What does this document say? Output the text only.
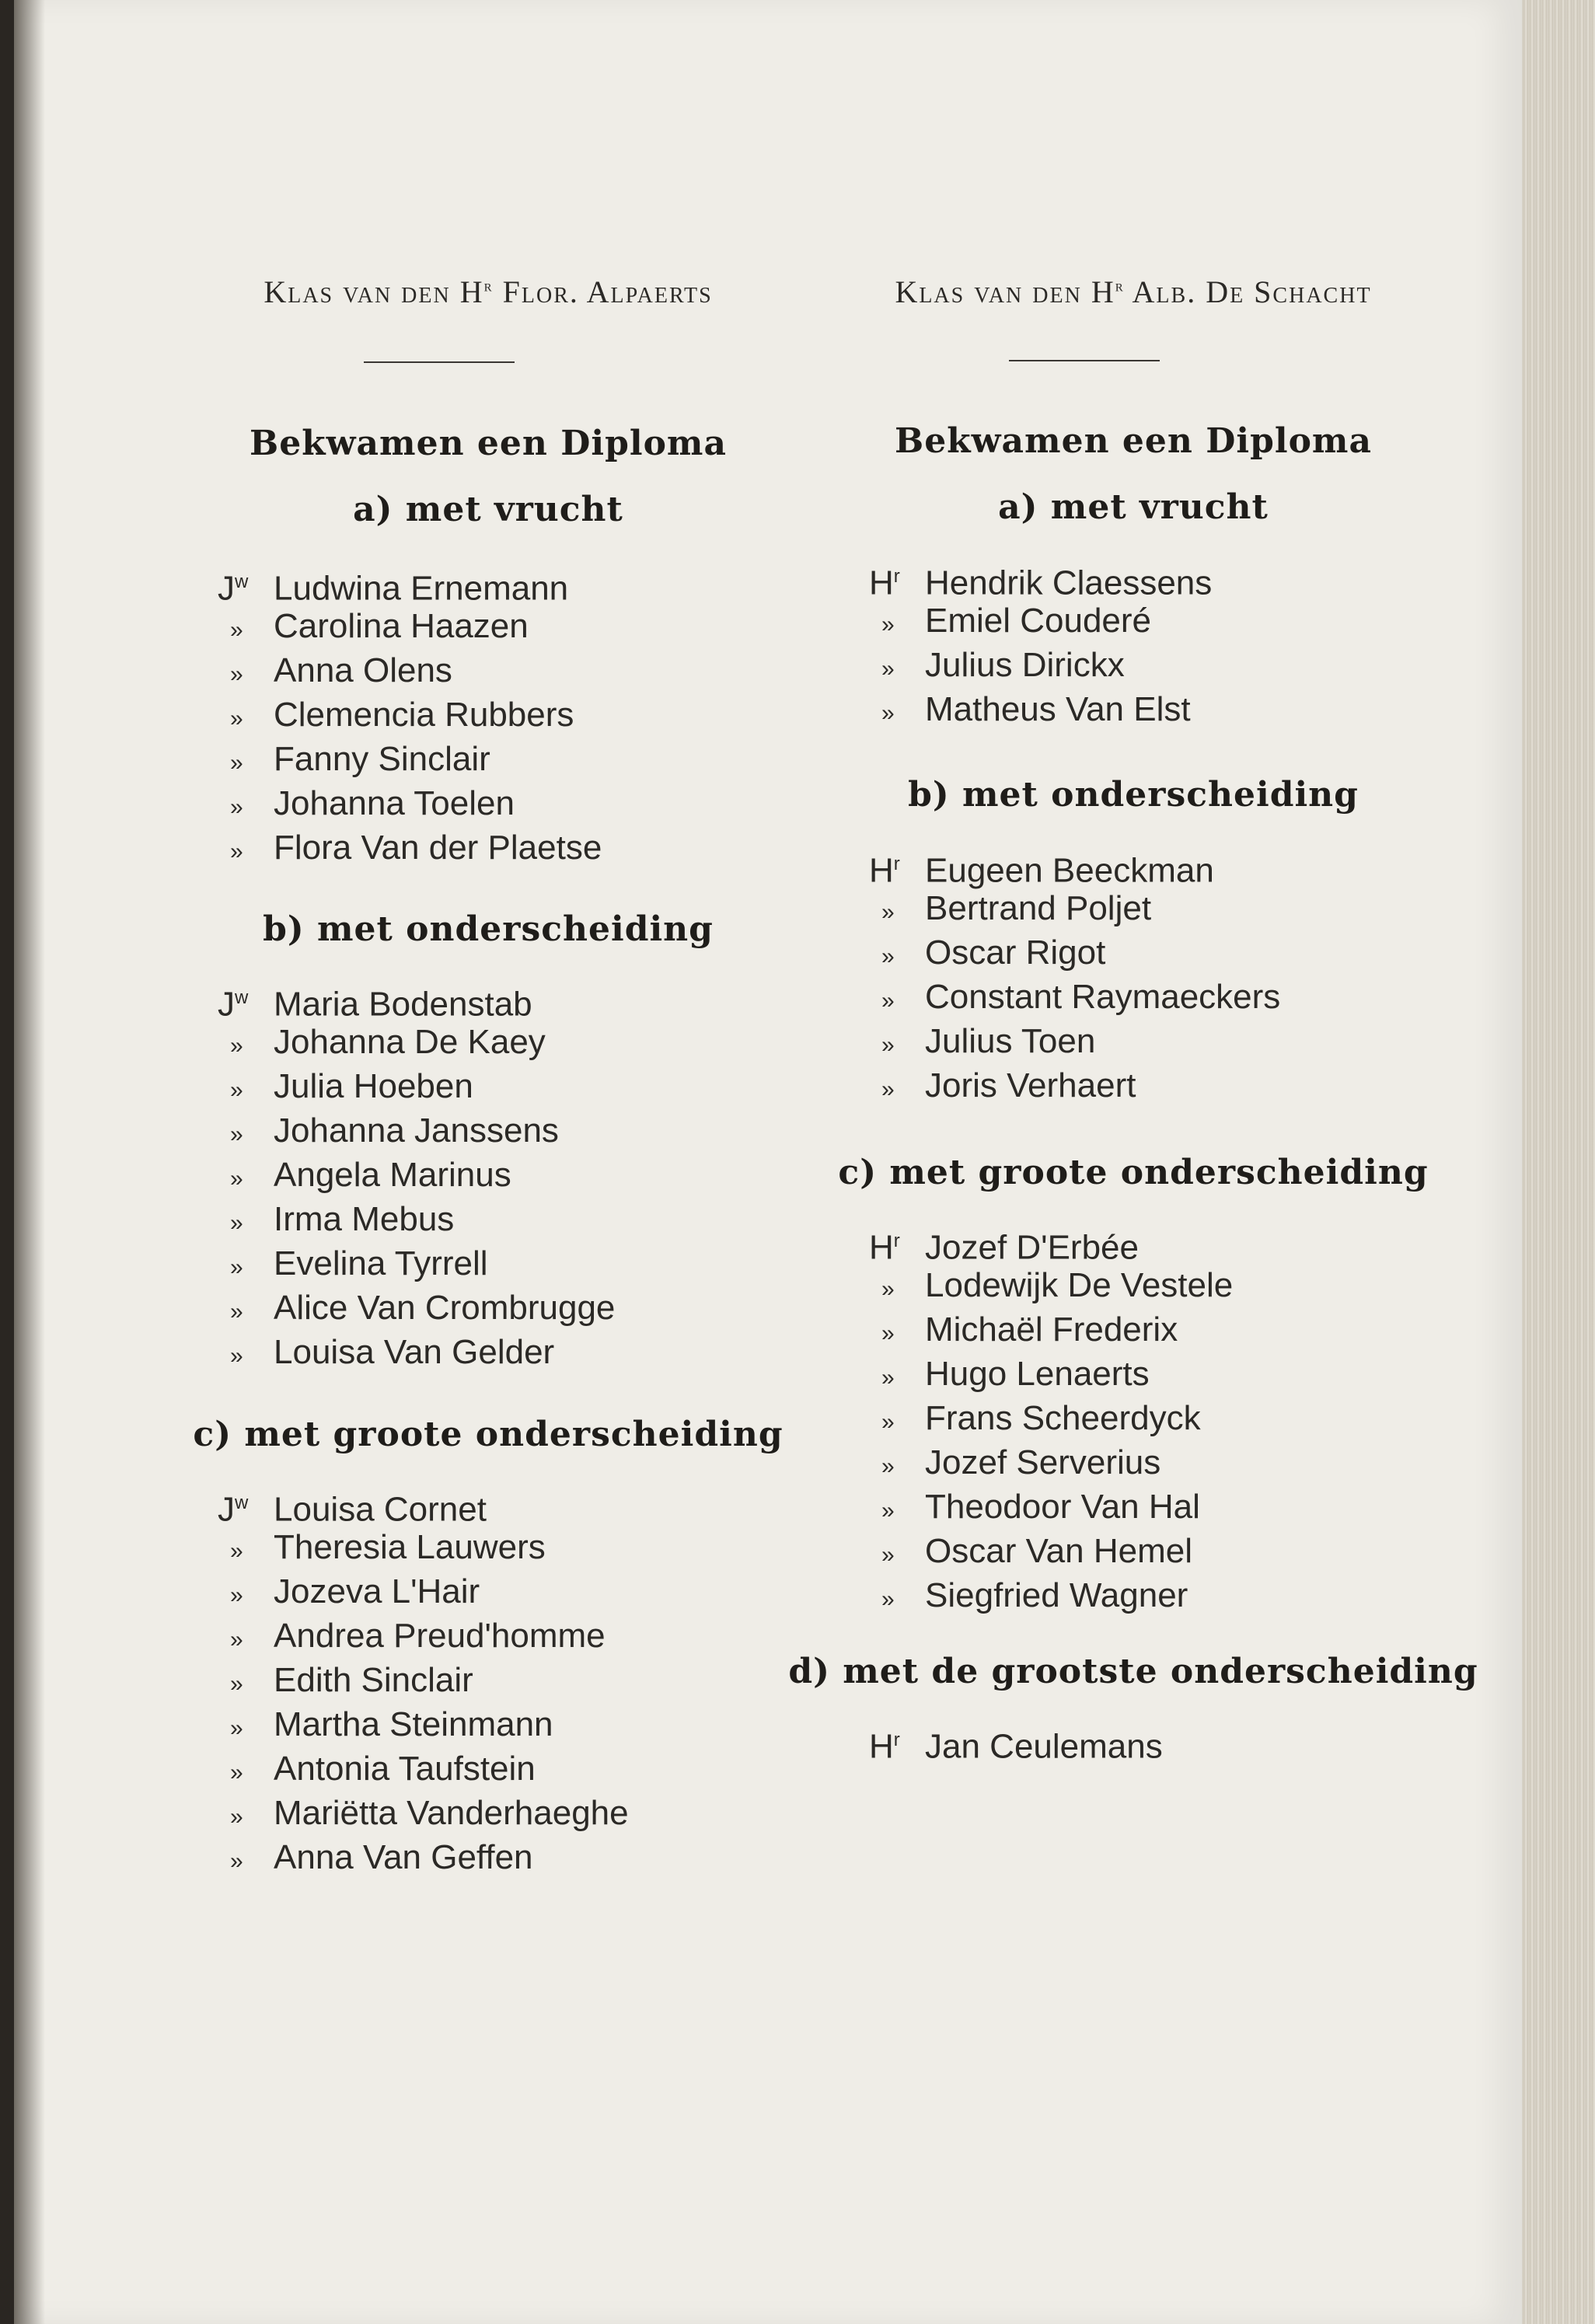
Klas van den $H^r$ Flor. Alpaerts
Bekwamen een Diploma
a) met vrucht
$J^w$ Ludwina Ernemann
» Carolina Haazen
» Anna Olens
» Clemencia Rubbers
» Fanny Sinclair
» Johanna Toelen
» Flora Van der Plaetse
b) met onderscheiding
$J^w$ Maria Bodenstab
» Johanna De Kaey
» Julia Hoeben
» Johanna Janssens
» Angela Marinus
» Irma Mebus
» Evelina Tyrrell
» Alice Van Crombrugge
» Louisa Van Gelder
c) met groote onderscheiding
$J^w$ Louisa Cornet
» Theresia Lauwers
» Jozeva L'Hair
» Andrea Preud'homme
» Edith Sinclair
» Martha Steinmann
» Antonia Taufstein
» Mariëtta Vanderhaeghe
» Anna Van Geffen
Klas van den $H^r$ Alb. De Schacht
Bekwamen een Diploma
a) met vrucht
$H^r$ Hendrik Claessens
» Emiel Couderé
» Julius Dirickx
» Matheus Van Elst
b) met onderscheiding
$H^r$ Eugeen Beeckman
» Bertrand Poljet
» Oscar Rigot
» Constant Raymaeckers
» Julius Toen
» Joris Verhaert
c) met groote onderscheiding
$H^r$ Jozef D'Erbée
» Lodewijk De Vestele
» Michaël Frederix
» Hugo Lenaerts
» Frans Scheerdyck
» Jozef Serverius
» Theodoor Van Hal
» Oscar Van Hemel
» Siegfried Wagner
d) met de grootste onderscheiding
$H^r$ Jan Ceulemans
